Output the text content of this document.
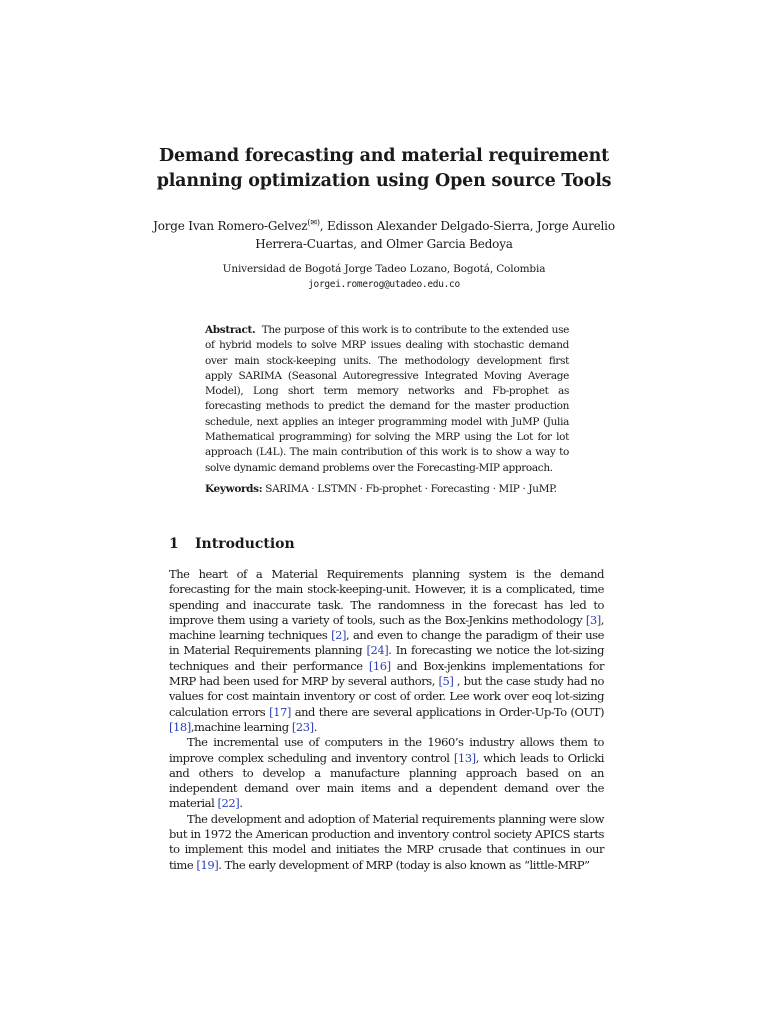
Demand forecasting and material requirement
planning optimization using Open source Tools
Jorge Ivan Romero-Gelvez(✉), Edisson Alexander Delgado-Sierra, Jorge Aurelio
Herrera-Cuartas, and Olmer Garcia Bedoya
Universidad de Bogotá Jorge Tadeo Lozano, Bogotá, Colombia
jorgei.romerog@utadeo.edu.co
Abstract. The purpose of this work is to contribute to the extended use of hybrid models to solve MRP issues dealing with stochastic demand over main stock-keeping units. The methodology development first apply SARIMA (Seasonal Autoregressive Integrated Moving Average Model), Long short term memory networks and Fb-prophet as forecasting methods to predict the demand for the master production schedule, next applies an integer programming model with JuMP (Julia Mathematical programming) for solving the MRP using the Lot for lot approach (L4L). The main contribution of this work is to show a way to solve dynamic demand problems over the Forecasting-MIP approach.
Keywords: SARIMA · LSTMN · Fb-prophet · Forecasting · MIP · JuMP.
1 Introduction

The heart of a Material Requirements planning system is the demand forecasting for the main stock-keeping-unit. However, it is a complicated, time spending and inaccurate task. The randomness in the forecast has led to improve them using a variety of tools, such as the Box-Jenkins methodology [3], machine learning techniques [2], and even to change the paradigm of their use in Material Requirements planning [24]. In forecasting we notice the lot-sizing techniques and their performance [16] and Box-jenkins implementations for MRP had been used for MRP by several authors, [5] , but the case study had no values for cost maintain inventory or cost of order. Lee work over eoq lot-sizing calculation errors [17] and there are several applications in Order-Up-To (OUT) [18],machine learning [23].

The incremental use of computers in the 1960’s industry allows them to improve complex scheduling and inventory control [13], which leads to Orlicki and others to develop a manufacture planning approach based on an independent demand over main items and a dependent demand over the material [22].

The development and adoption of Material requirements planning were slow but in 1972 the American production and inventory control society APICS starts to implement this model and initiates the MRP crusade that continues in our time [19]. The early development of MRP (today is also known as “little-MRP”
